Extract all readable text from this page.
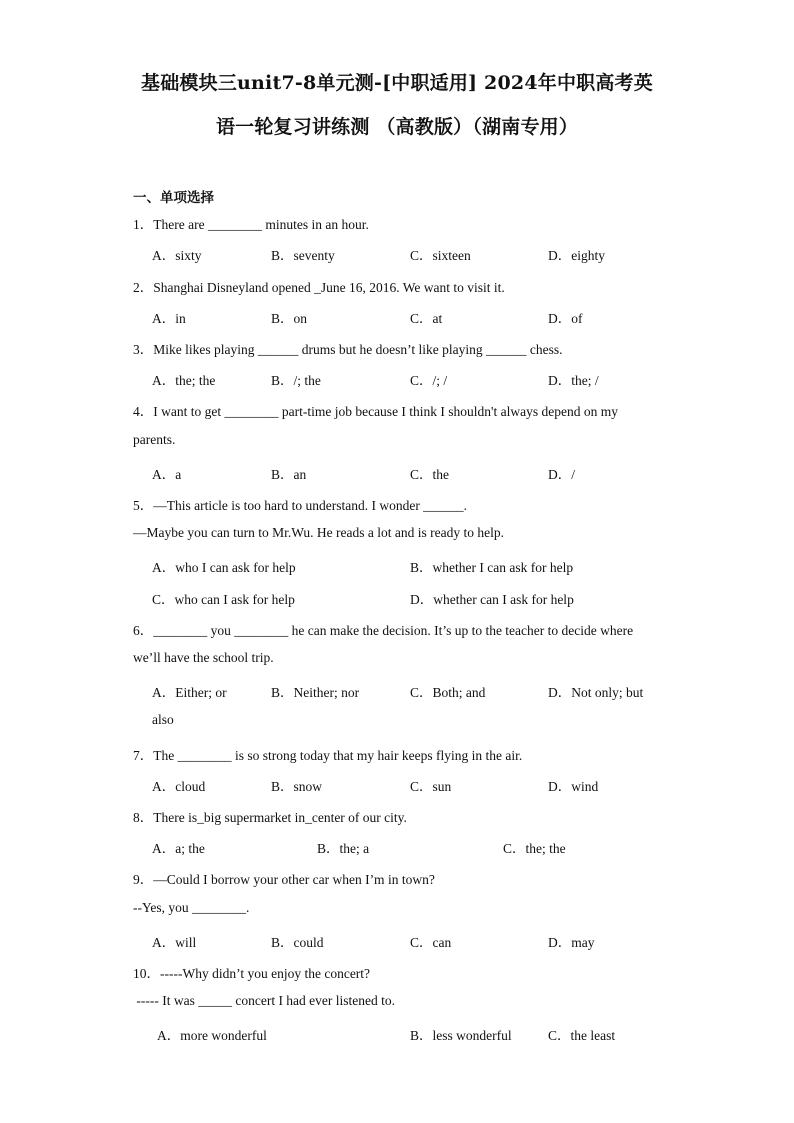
基础模块三unit7-8单元测-[中职适用] 2024年中职高考英
语一轮复习讲练测 （高教版）（湖南专用）
一、单项选择
1．There are ________ minutes in an hour.
A．sixty	B．seventy	C．sixteen	D．eighty
2．Shanghai Disneyland opened _June 16, 2016. We want to visit it.
A．in	B．on	C．at	D．of
3．Mike likes playing ______ drums but he doesn’t like playing ______ chess.
A．the; the	B．/; the	C．/; /	D．the; /
4．I want to get ________ part-time job because I think I shouldn't always depend on my
parents.
A．a	B．an	C．the	D．/
5．—This article is too hard to understand. I wonder ______.
—Maybe you can turn to Mr.Wu. He reads a lot and is ready to help.
A．who I can ask for help	B．whether I can ask for help
C．who can I ask for help	D．whether can I ask for help
6．________ you ________ he can make the decision. It’s up to the teacher to decide where
we’ll have the school trip.
A．Either; or	B．Neither; nor	C．Both; and	D．Not only; but
also
7．The ________ is so strong today that my hair keeps flying in the air.
A．cloud	B．snow	C．sun	D．wind
8．There is_big supermarket in_center of our city.
A．a; the	B．the; a	C．the; the
9．—Could I borrow your other car when I’m in town?
--Yes, you ________.
A．will	B．could	C．can	D．may
10．-----Why didn’t you enjoy the concert?
----- It was _____ concert I had ever listened to.
A．more wonderful	B．less wonderful	C．the least
